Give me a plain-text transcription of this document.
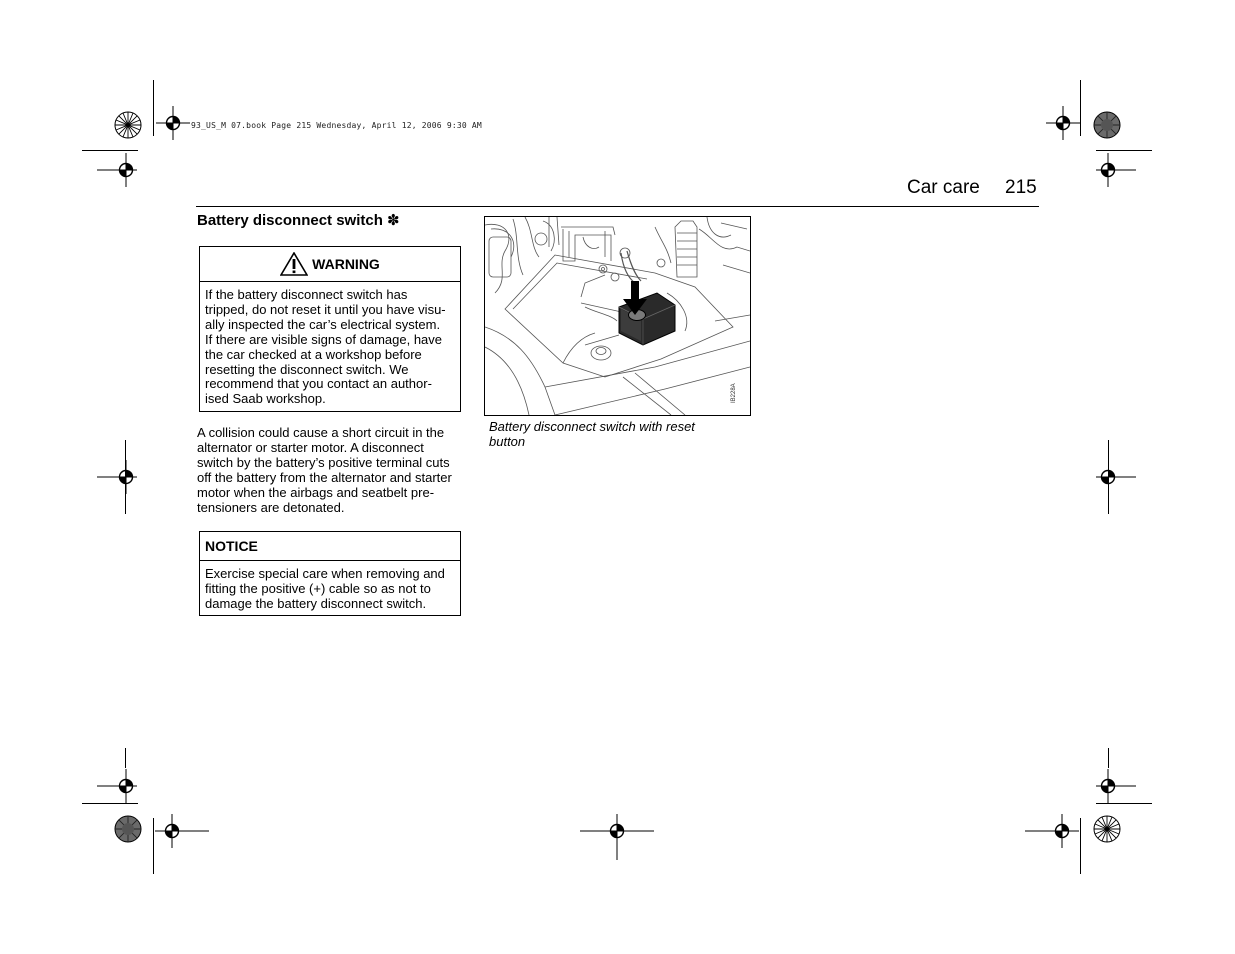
93_US_M 07.book Page 215 Wednesday, April 12, 2006 9:30 AM
Car care 215
Battery disconnect switch ✽
WARNING
If the battery disconnect switch has
tripped, do not reset it until you have visu-
ally inspected the car’s electrical system.
If there are visible signs of damage, have
the car checked at a workshop before
resetting the disconnect switch. We
recommend that you contact an author-
ised Saab workshop.
A collision could cause a short circuit in the
alternator or starter motor. A disconnect
switch by the battery’s positive terminal cuts
off the battery from the alternator and starter
motor when the airbags and seatbelt pre-
tensioners are detonated.
NOTICE
Exercise special care when removing and
fitting the positive (+) cable so as not to
damage the battery disconnect switch.
IB228A
Battery disconnect switch with reset
button
